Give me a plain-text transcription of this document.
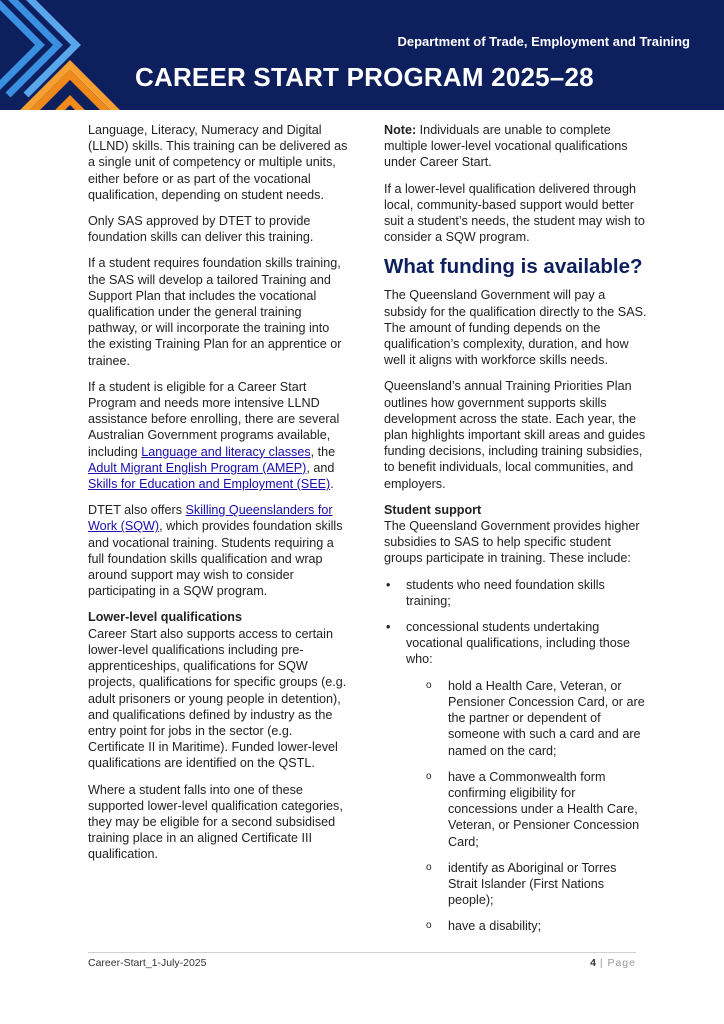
Department of Trade, Employment and Training
CAREER START PROGRAM 2025–28

Language, Literacy, Numeracy and Digital (LLND) skills. This training can be delivered as a single unit of competency or multiple units, either before or as part of the vocational qualification, depending on student needs.

Only SAS approved by DTET to provide foundation skills can deliver this training.

If a student requires foundation skills training, the SAS will develop a tailored Training and Support Plan that includes the vocational qualification under the general training pathway, or will incorporate the training into the existing Training Plan for an apprentice or trainee.

If a student is eligible for a Career Start Program and needs more intensive LLND assistance before enrolling, there are several Australian Government programs available, including Language and literacy classes, the Adult Migrant English Program (AMEP), and Skills for Education and Employment (SEE).

DTET also offers Skilling Queenslanders for Work (SQW), which provides foundation skills and vocational training. Students requiring a full foundation skills qualification and wrap around support may wish to consider participating in a SQW program.

Lower-level qualifications

Career Start also supports access to certain lower-level qualifications including pre-apprenticeships, qualifications for SQW projects, qualifications for specific groups (e.g. adult prisoners or young people in detention), and qualifications defined by industry as the entry point for jobs in the sector (e.g. Certificate II in Maritime). Funded lower-level qualifications are identified on the QSTL.

Where a student falls into one of these supported lower-level qualification categories, they may be eligible for a second subsidised training place in an aligned Certificate III qualification.

Note: Individuals are unable to complete multiple lower-level vocational qualifications under Career Start.

If a lower-level qualification delivered through local, community-based support would better suit a student’s needs, the student may wish to consider a SQW program.

What funding is available?

The Queensland Government will pay a subsidy for the qualification directly to the SAS. The amount of funding depends on the qualification’s complexity, duration, and how well it aligns with workforce skills needs.

Queensland’s annual Training Priorities Plan outlines how government supports skills development across the state. Each year, the plan highlights important skill areas and guides funding decisions, including training subsidies, to benefit individuals, local communities, and employers.

Student support

The Queensland Government provides higher subsidies to SAS to help specific student groups participate in training. These include:

• students who need foundation skills training;
• concessional students undertaking vocational qualifications, including those who:
o hold a Health Care, Veteran, or Pensioner Concession Card, or are the partner or dependent of someone with such a card and are named on the card;
o have a Commonwealth form confirming eligibility for concessions under a Health Care, Veteran, or Pensioner Concession Card;
o identify as Aboriginal or Torres Strait Islander (First Nations people);
o have a disability;
Career-Start_1-July-2025	4 | Page
